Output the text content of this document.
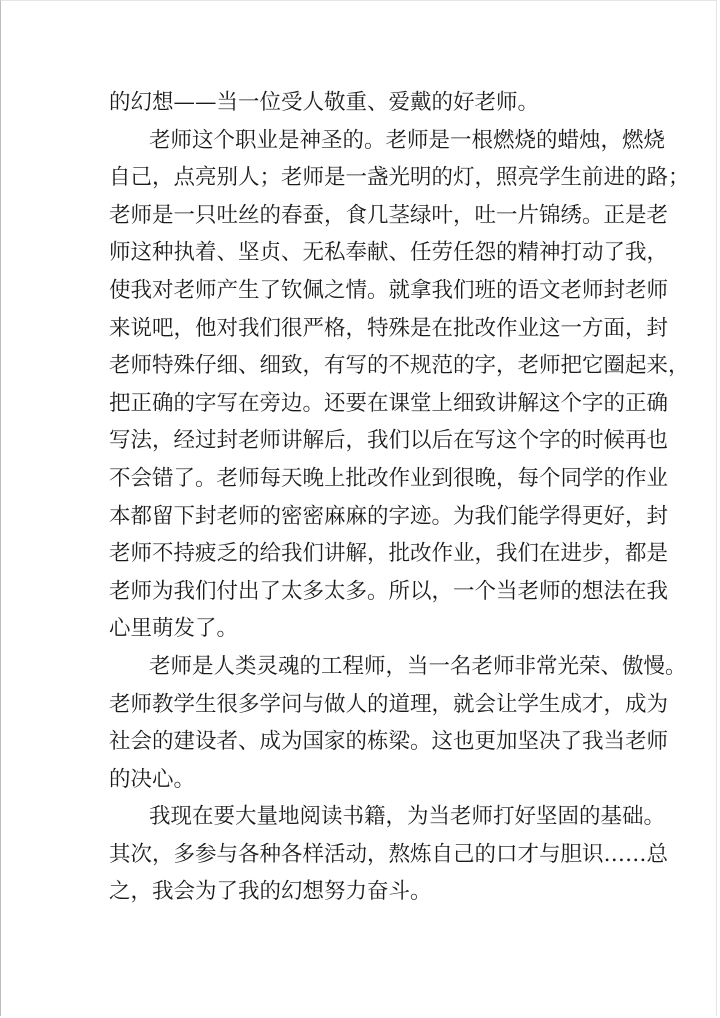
的幻想——当一位受人敬重、爱戴的好老师。

老师这个职业是神圣的。老师是一根燃烧的蜡烛，燃烧

自己，点亮别人；老师是一盏光明的灯，照亮学生前进的路；

老师是一只吐丝的春蚕，食几茎绿叶，吐一片锦绣。正是老

师这种执着、坚贞、无私奉献、任劳任怨的精神打动了我，

使我对老师产生了钦佩之情。就拿我们班的语文老师封老师

来说吧，他对我们很严格，特殊是在批改作业这一方面，封

老师特殊仔细、细致，有写的不规范的字，老师把它圈起来，

把正确的字写在旁边。还要在课堂上细致讲解这个字的正确

写法，经过封老师讲解后，我们以后在写这个字的时候再也

不会错了。老师每天晚上批改作业到很晚，每个同学的作业

本都留下封老师的密密麻麻的字迹。为我们能学得更好，封

老师不持疲乏的给我们讲解，批改作业，我们在进步，都是

老师为我们付出了太多太多。所以，一个当老师的想法在我

心里萌发了。

老师是人类灵魂的工程师，当一名老师非常光荣、傲慢。

老师教学生很多学问与做人的道理，就会让学生成才，成为

社会的建设者、成为国家的栋梁。这也更加坚决了我当老师

的决心。

我现在要大量地阅读书籍，为当老师打好坚固的基础。

其次，多参与各种各样活动，熬炼自己的口才与胆识……总

之，我会为了我的幻想努力奋斗。
